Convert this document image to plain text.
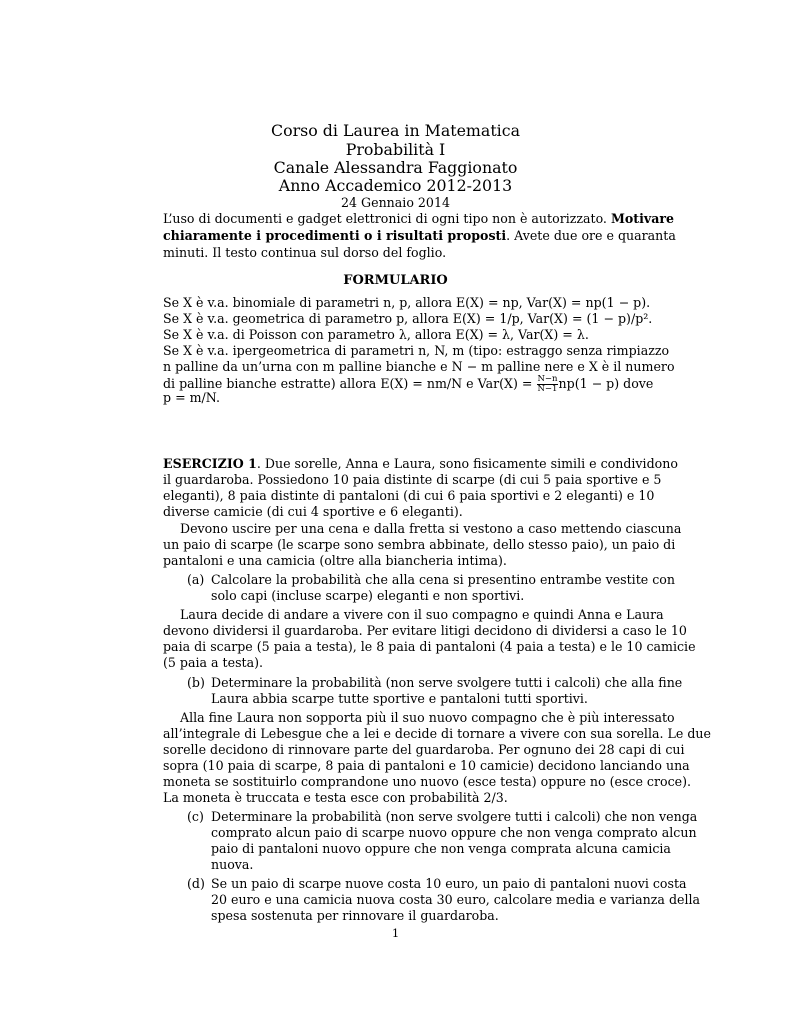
Corso di Laurea in Matematica
Probabilità I
Canale Alessandra Faggionato
Anno Accademico 2012-2013
24 Gennaio 2014
L’uso di documenti e gadget elettronici di ogni tipo non è autorizzato. Motivare
chiaramente i procedimenti o i risultati proposti. Avete due ore e quaranta
minuti. Il testo continua sul dorso del foglio.
FORMULARIO
Se X è v.a. binomiale di parametri n, p, allora E(X) = np, Var(X) = np(1 − p).
Se X è v.a. geometrica di parametro p, allora E(X) = 1/p, Var(X) = (1 − p)/p².
Se X è v.a. di Poisson con parametro λ, allora E(X) = λ, Var(X) = λ.
Se X è v.a. ipergeometrica di parametri n, N, m (tipo: estraggo senza rimpiazzo
n palline da un’urna con m palline bianche e N − m palline nere e X è il numero
di palline bianche estratte) allora E(X) = nm/N e $Var(X) = \frac{N-n}{N-1} np(1 - p)$ dove
p = m/N.
ESERCIZIO 1. Due sorelle, Anna e Laura, sono fisicamente simili e condividono
il guardaroba. Possiedono 10 paia distinte di scarpe (di cui 5 paia sportive e 5
eleganti), 8 paia distinte di pantaloni (di cui 6 paia sportivi e 2 eleganti) e 10
diverse camicie (di cui 4 sportive e 6 eleganti).
Devono uscire per una cena e dalla fretta si vestono a caso mettendo ciascuna
un paio di scarpe (le scarpe sono sembra abbinate, dello stesso paio), un paio di
pantaloni e una camicia (oltre alla biancheria intima).
(a) Calcolare la probabilità che alla cena si presentino entrambe vestite con
solo capi (incluse scarpe) eleganti e non sportivi.
Laura decide di andare a vivere con il suo compagno e quindi Anna e Laura
devono dividersi il guardaroba. Per evitare litigi decidono di dividersi a caso le 10
paia di scarpe (5 paia a testa), le 8 paia di pantaloni (4 paia a testa) e le 10 camicie
(5 paia a testa).
(b) Determinare la probabilità (non serve svolgere tutti i calcoli) che alla fine
Laura abbia scarpe tutte sportive e pantaloni tutti sportivi.
Alla fine Laura non sopporta più il suo nuovo compagno che è più interessato
all’integrale di Lebesgue che a lei e decide di tornare a vivere con sua sorella. Le due
sorelle decidono di rinnovare parte del guardaroba. Per ognuno dei 28 capi di cui
sopra (10 paia di scarpe, 8 paia di pantaloni e 10 camicie) decidono lanciando una
moneta se sostituirlo comprandone uno nuovo (esce testa) oppure no (esce croce).
La moneta è truccata e testa esce con probabilità 2/3.
(c) Determinare la probabilità (non serve svolgere tutti i calcoli) che non venga
comprato alcun paio di scarpe nuovo oppure che non venga comprato alcun
paio di pantaloni nuovo oppure che non venga comprata alcuna camicia
nuova.
(d) Se un paio di scarpe nuove costa 10 euro, un paio di pantaloni nuovi costa
20 euro e una camicia nuova costa 30 euro, calcolare media e varianza della
spesa sostenuta per rinnovare il guardaroba.
1
